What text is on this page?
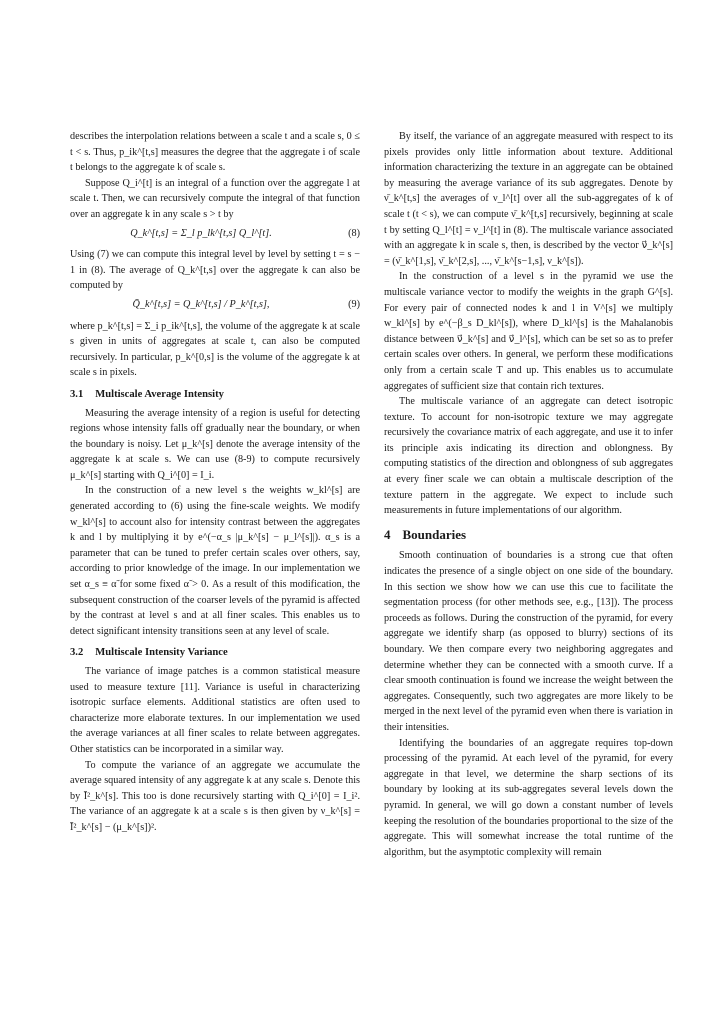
describes the interpolation relations between a scale t and a scale s, 0 ≤ t < s. Thus, p_ik^[t,s] measures the degree that the aggregate i of scale t belongs to the aggregate k of scale s.

Suppose Q_i^[t] is an integral of a function over the aggregate l at scale t. Then, we can recursively compute the integral of that function over an aggregate k in any scale s > t by

Q_k^[t,s] = Σ_l p_lk^[t,s] Q_l^[t].	(8)

Using (7) we can compute this integral level by level by setting t = s − 1 in (8). The average of Q_k^[t,s] over the aggregate k can also be computed by

Q̄_k^[t,s] = Q_k^[t,s] / P_k^[t,s],	(9)

where p_k^[t,s] = Σ_i p_ik^[t,s], the volume of the aggregate k at scale s given in units of aggregates at scale t, can also be computed recursively. In particular, p_k^[0,s] is the volume of the aggregate k at scale s in pixels.

3.1 Multiscale Average Intensity

Measuring the average intensity of a region is useful for detecting regions whose intensity falls off gradually near the boundary, or when the boundary is noisy. Let μ_k^[s] denote the average intensity of the aggregate k at scale s. We can use (8-9) to compute recursively μ_k^[s] starting with Q_i^[0] = I_i.

In the construction of a new level s the weights w_kl^[s] are generated according to (6) using the fine-scale weights. We modify w_kl^[s] to account also for intensity contrast between the aggregates k and l by multiplying it by e^(−α_s |μ_k^[s] − μ_l^[s]|). α_s is a parameter that can be tuned to prefer certain scales over others, say, according to prior knowledge of the image. In our implementation we set α_s ≡ α̃ for some fixed α̃ > 0. As a result of this modification, the subsequent construction of the coarser levels of the pyramid is affected by the contrast at level s and at all finer scales. This enables us to detect significant intensity transitions seen at any level of scale.

3.2 Multiscale Intensity Variance

The variance of image patches is a common statistical measure used to measure texture [11]. Variance is useful in characterizing isotropic surface elements. Additional statistics are often used to characterize more elaborate textures. In our implementation we used the average variances at all finer scales to relate between aggregates. Other statistics can be incorporated in a similar way.

To compute the variance of an aggregate we accumulate the average squared intensity of any aggregate k at any scale s. Denote this by Ī²_k^[s]. This too is done recursively starting with Q_i^[0] = I_i². The variance of an aggregate k at a scale s is then given by ν_k^[s] = Ī²_k^[s] − (μ_k^[s])².

By itself, the variance of an aggregate measured with respect to its pixels provides only little information about texture. Additional information characterizing the texture in an aggregate can be obtained by measuring the average variance of its sub aggregates. Denote by ν̄_k^[t,s] the averages of ν_l^[t] over all the sub-aggregates of k of scale t (t < s), we can compute ν̄_k^[t,s] recursively, beginning at scale t by setting Q_l^[t] = ν_l^[t] in (8). The multiscale variance associated with an aggregate k in scale s, then, is described by the vector ν⃗_k^[s] = (ν̄_k^[1,s], ν̄_k^[2,s], ..., ν̄_k^[s−1,s], ν_k^[s]).

In the construction of a level s in the pyramid we use the multiscale variance vector to modify the weights in the graph G^[s]. For every pair of connected nodes k and l in V^[s] we multiply w_kl^[s] by e^(−β_s D_kl^[s]), where D_kl^[s] is the Mahalanobis distance between ν⃗_k^[s] and ν⃗_l^[s], which can be set so as to prefer certain scales over others. In general, we perform these modifications only from a certain scale T and up. This enables us to accumulate aggregates of sufficient size that contain rich textures.

The multiscale variance of an aggregate can detect isotropic texture. To account for non-isotropic texture we may aggregate recursively the covariance matrix of each aggregate, and use it to infer its principle axis indicating its direction and oblongness. By computing statistics of the direction and oblongness of sub aggregates at every finer scale we can obtain a multiscale description of the texture pattern in the aggregate. We expect to include such measurements in future implementations of our algorithm.

4 Boundaries

Smooth continuation of boundaries is a strong cue that often indicates the presence of a single object on one side of the boundary. In this section we show how we can use this cue to facilitate the segmentation process (for other methods see, e.g., [13]). The process proceeds as follows. During the construction of the pyramid, for every aggregate we identify sharp (as opposed to blurry) sections of its boundary. We then compare every two neighboring aggregates and determine whether they can be connected with a smooth curve. If a clear smooth continuation is found we increase the weight between the aggregates. Consequently, such two aggregates are more likely to be merged in the next level of the pyramid even when there is variation in their intensities.

Identifying the boundaries of an aggregate requires top-down processing of the pyramid. At each level of the pyramid, for every aggregate in that level, we determine the sharp sections of its boundary by looking at its sub-aggregates several levels down the pyramid. In general, we will go down a constant number of levels keeping the resolution of the boundaries proportional to the size of the aggregate. This will somewhat increase the total runtime of the algorithm, but the asymptotic complexity will remain
